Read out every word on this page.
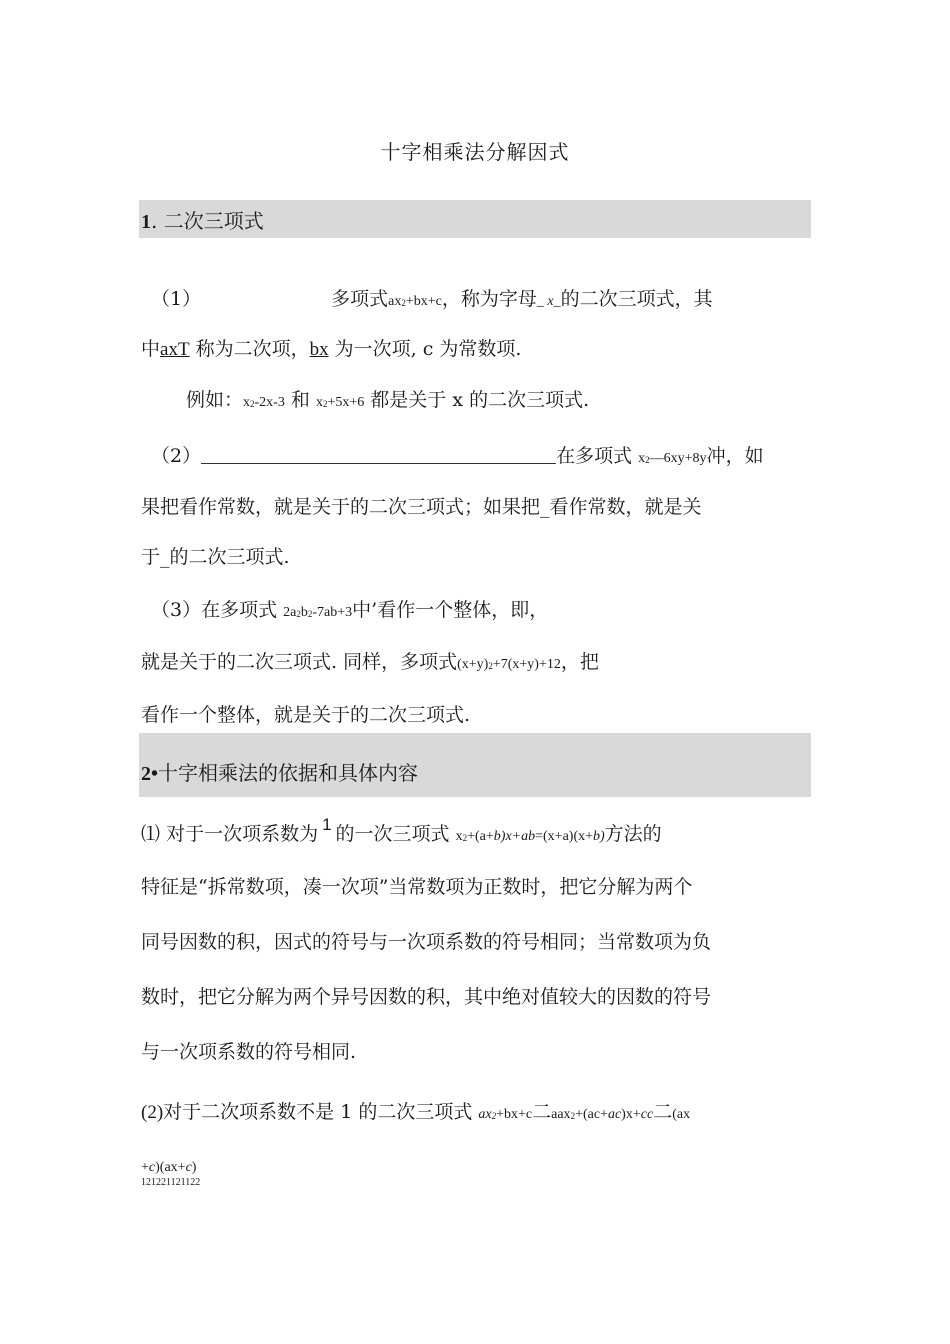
十字相乘法分解因式
1. 二次三项式
（1）	多项式ax2+bx+c，称为字母_ x_的二次三项式，其
中axT 称为二次项，bx 为一次项, c 为常数项.
例如：x2-2x-3 和 x2+5x+6 都是关于 x 的二次三项式.
（2）	在多项式 x2—6xy+8y冲，如
果把看作常数，就是关于的二次三项式；如果把_看作常数，就是关
于_的二次三项式.
（3）在多项式 2a2b2-7ab+3中’看作一个整体，即，
就是关于的二次三项式. 同样，多项式(x+y)2+7(x+y)+12，把
看作一个整体，就是关于的二次三项式.
2•十字相乘法的依据和具体内容
⑴ 对于一次项系数为 1 的一次三项式 x2+(a+b)x+ab=(x+a)(x+b)方法的
特征是“拆常数项，凑一次项”当常数项为正数时，把它分解为两个
同号因数的积，因式的符号与一次项系数的符号相同；当常数项为负
数时，把它分解为两个异号因数的积，其中绝对值较大的因数的符号
与一次项系数的符号相同.
(2)对于二次项系数不是 1 的二次三项式 ax2+bx+c二aax2+(ac+ac)x+cc二(ax
+c)(ax+c)
121221121122
